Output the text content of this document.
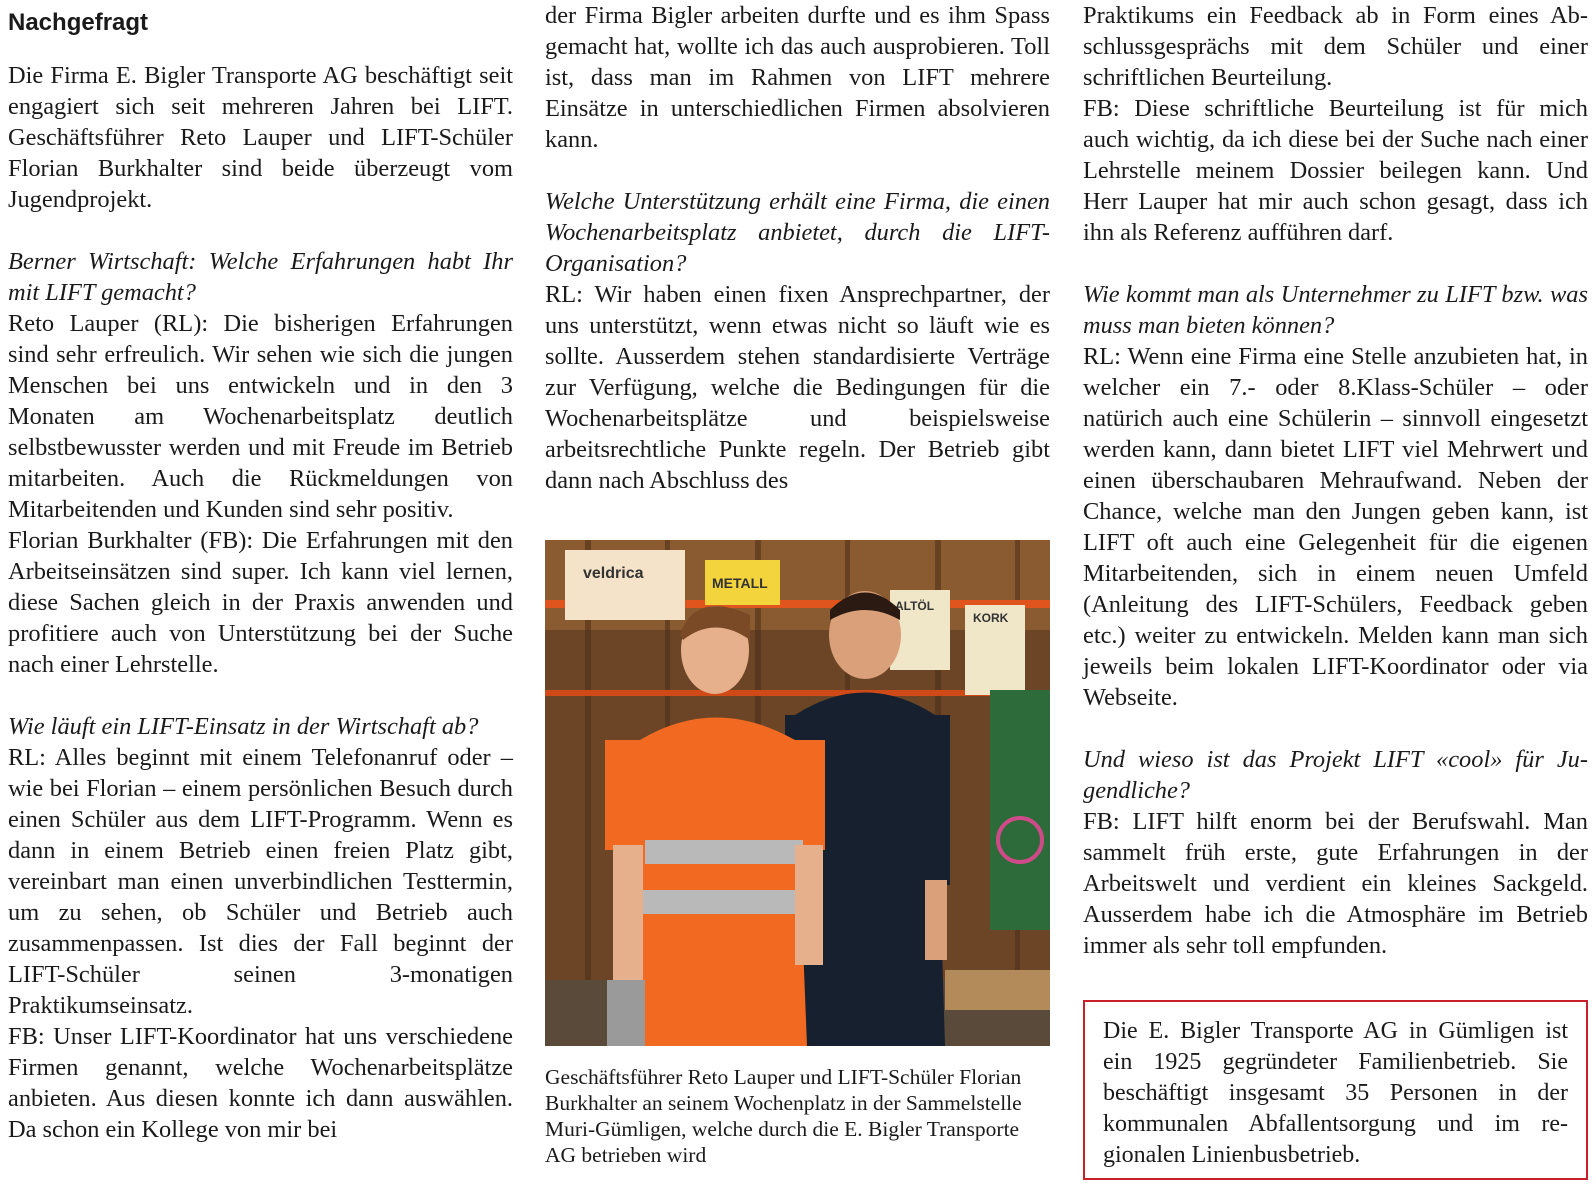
Nachgefragt

Die Firma E. Bigler Transporte AG beschäftigt seit engagiert sich seit mehreren Jahren bei LIFT. Geschäftsführer Reto Lauper und LIFT-Schüler Florian Burkhalter sind beide überzeugt vom Jugendprojekt.

Berner Wirtschaft: Welche Erfahrungen habt Ihr mit LIFT gemacht?

Reto Lauper (RL): Die bisherigen Erfahrungen sind sehr erfreulich. Wir sehen wie sich die jungen Menschen bei uns entwickeln und in den 3 Monaten am Wochenarbeitsplatz deutlich selbstbewusster werden und mit Freude im Betrieb mitarbeiten. Auch die Rückmeldungen von Mitarbeitenden und Kunden sind sehr positiv.

Florian Burkhalter (FB): Die Erfahrungen mit den Arbeitseinsätzen sind super. Ich kann viel lernen, diese Sachen gleich in der Praxis anwenden und profitiere auch von Unterstützung bei der Suche nach einer Lehrstelle.

Wie läuft ein LIFT-Einsatz in der Wirtschaft ab?

RL: Alles beginnt mit einem Telefonanruf oder – wie bei Florian – einem persönlichen Besuch durch einen Schüler aus dem LIFT-Programm. Wenn es dann in einem Betrieb einen freien Platz gibt, vereinbart man einen unverbindlichen Testtermin, um zu sehen, ob Schüler und Betrieb auch zusammenpassen. Ist dies der Fall beginnt der LIFT-Schüler seinen 3-monatigen Praktikumseinsatz.

FB: Unser LIFT-Koordinator hat uns verschiedene Firmen genannt, welche Wochenarbeitsplätze anbieten. Aus diesen konnte ich dann auswählen. Da schon ein Kollege von mir bei

der Firma Bigler arbeiten durfte und es ihm Spass gemacht hat, wollte ich das auch ausprobieren. Toll ist, dass man im Rahmen von LIFT mehrere Einsätze in unterschiedlichen Firmen absolvieren kann.

Welche Unterstützung erhält eine Firma, die einen Wochenarbeitsplatz anbietet, durch die LIFT-Organisation?

RL: Wir haben einen fixen Ansprechpartner, der uns unterstützt, wenn etwas nicht so läuft wie es sollte. Ausserdem stehen standardisierte Verträge zur Verfügung, welche die Bedingungen für die Wochenarbeitsplätze und beispielsweise arbeitsrechtliche Punkte regeln. Der Betrieb gibt dann nach Abschluss des

veldrica
METALL
ALTÖL
KORK
Geschäftsführer Reto Lauper und LIFT-Schüler Florian Burkhalter an seinem Wochenplatz in der Sammelstelle Muri-Gümligen, welche durch die E. Bigler Transporte AG betrieben wird

Praktikums ein Feedback ab in Form eines Abschlussgesprächs mit dem Schüler und einer schriftlichen Beurteilung.

FB: Diese schriftliche Beurteilung ist für mich auch wichtig, da ich diese bei der Suche nach einer Lehrstelle meinem Dossier beilegen kann. Und Herr Lauper hat mir auch schon gesagt, dass ich ihn als Referenz aufführen darf.

Wie kommt man als Unternehmer zu LIFT bzw. was muss man bieten können?

RL: Wenn eine Firma eine Stelle anzubieten hat, in welcher ein 7.- oder 8.Klass-Schüler – oder natürich auch eine Schülerin – sinnvoll eingesetzt werden kann, dann bietet LIFT viel Mehrwert und einen überschaubaren Mehraufwand. Neben der Chance, welche man den Jungen geben kann, ist LIFT oft auch eine Gelegenheit für die eigenen Mitarbeitenden, sich in einem neuen Umfeld (Anleitung des LIFT-Schülers, Feedback geben etc.) weiter zu entwickeln. Melden kann man sich jeweils beim lokalen LIFT-Koordinator oder via Webseite.

Und wieso ist das Projekt LIFT «cool» für Jugendliche?

FB: LIFT hilft enorm bei der Berufswahl. Man sammelt früh erste, gute Erfahrungen in der Arbeitswelt und verdient ein kleines Sackgeld. Ausserdem habe ich die Atmosphäre im Betrieb immer als sehr toll empfunden.

Die E. Bigler Transporte AG in Gümligen ist ein 1925 gegründeter Familienbetrieb. Sie beschäftigt insgesamt 35 Personen in der kommunalen Abfallentsorgung und im regionalen Linienbusbetrieb.
